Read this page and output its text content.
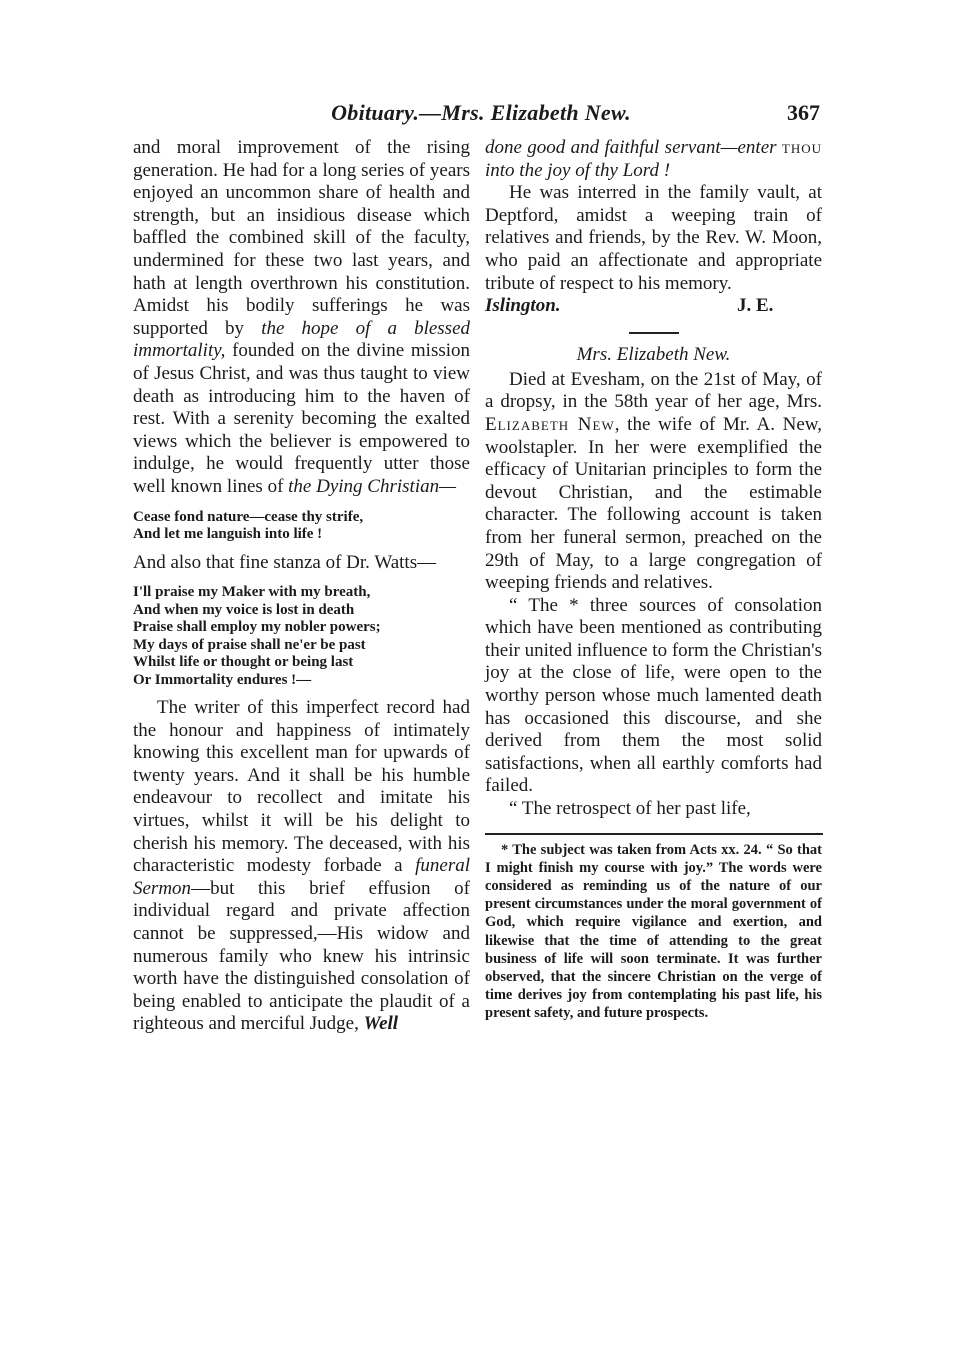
Obituary.—Mrs. Elizabeth New.	367

and moral improvement of the rising generation. He had for a long series of years enjoyed an uncommon share of health and strength, but an insidious disease which baffled the combined skill of the faculty, undermined for these two last years, and hath at length overthrown his constitution. Amidst his bodily sufferings he was supported by the hope of a blessed immortality, founded on the divine mission of Jesus Christ, and was thus taught to view death as introducing him to the haven of rest. With a serenity becoming the exalted views which the believer is empowered to indulge, he would frequently utter those well known lines of the Dying Christian—

Cease fond nature—cease thy strife,
And let me languish into life !

And also that fine stanza of Dr. Watts—

I'll praise my Maker with my breath,
And when my voice is lost in death
Praise shall employ my nobler powers;
My days of praise shall ne'er be past
Whilst life or thought or being last
Or Immortality endures !—

The writer of this imperfect record had the honour and happiness of intimately knowing this excellent man for upwards of twenty years. And it shall be his humble endeavour to recollect and imitate his virtues, whilst it will be his delight to cherish his memory. The deceased, with his characteristic modesty forbade a funeral Sermon—but this brief effusion of individual regard and private affection cannot be suppressed,—His widow and numerous family who knew his intrinsic worth have the distinguished consolation of being enabled to anticipate the plaudit of a righteous and merciful Judge, Well

done good and faithful servant—enter thou into the joy of thy Lord !

He was interred in the family vault, at Deptford, amidst a weeping train of relatives and friends, by the Rev. W. Moon, who paid an affectionate and appropriate tribute of respect to his memory.

Islington.	J. E.
Mrs. Elizabeth New.

Died at Evesham, on the 21st of May, of a dropsy, in the 58th year of her age, Mrs. Elizabeth New, the wife of Mr. A. New, woolstapler. In her were exemplified the efficacy of Unitarian principles to form the devout Christian, and the estimable character. The following account is taken from her funeral sermon, preached on the 29th of May, to a large congregation of weeping friends and relatives.

“ The * three sources of consolation which have been mentioned as contributing their united influence to form the Christian's joy at the close of life, were open to the worthy person whose much lamented death has occasioned this discourse, and she derived from them the most solid satisfactions, when all earthly comforts had failed.

“ The retrospect of her past life,

* The subject was taken from Acts xx. 24. “ So that I might finish my course with joy.” The words were considered as reminding us of the nature of our present circumstances under the moral government of God, which require vigilance and exertion, and likewise that the time of attending to the great business of life will soon terminate. It was further observed, that the sincere Christian on the verge of time derives joy from contemplating his past life, his present safety, and future prospects.
